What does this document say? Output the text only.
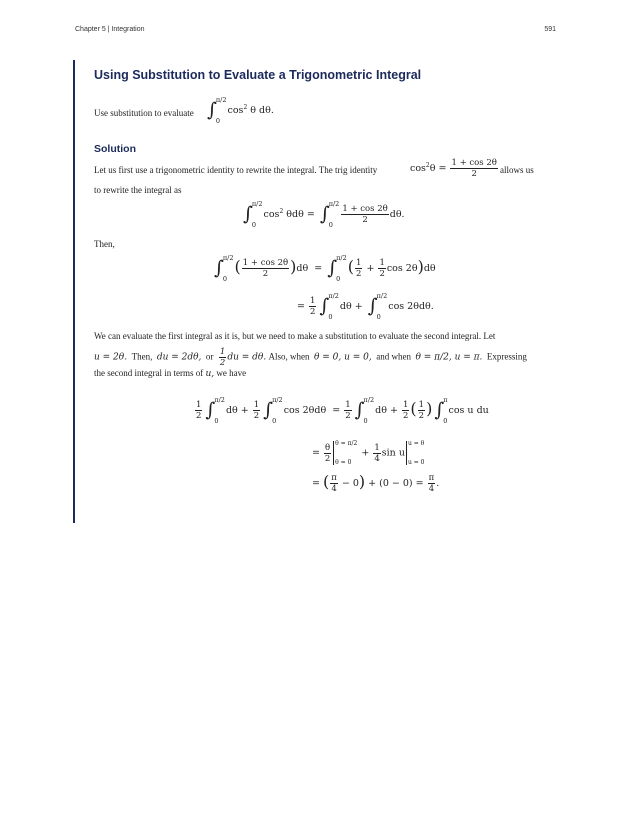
Chapter 5 | Integration	591
Using Substitution to Evaluate a Trigonometric Integral
Use substitution to evaluate ∫ π/2
0
$\cos^2 \theta$ dθ.
Solution
Let us first use a trigonometric identity to rewrite the integral. The trig identity	$\cos^2\theta = \frac{1 + \cos 2\theta}{2}$ allows us
to rewrite the integral as
∫ π/2
0
$\cos^2 \theta d\theta$ = ∫ π/2
$0 \frac{1 + \cos 2\theta}{2} d\theta$.
Then,
∫ π/2
0
( $\frac{1 + \cos 2\theta}{2} )d\theta$  = ∫ π/2
0
( $\frac{1}{2} + \frac{1}{2}$ cos 2θ)dθ
= $\frac{1}{2}$ ∫ π/2
0
dθ + ∫ π/2
0
cos 2θdθ.
We can evaluate the first integral as it is, but we need to make a substitution to evaluate the second integral. Let
u = 2θ. Then, du = 2dθ, or $\frac{1}{2}$ du = dθ. Also, when θ = 0, u = 0, and when θ = π/2, u = π. Expressing
the second integral in terms of u, we have
$\frac{1}{2}$ ∫ π/2
0
$d\theta + \frac{1}{2}$ ∫ π/2
0
$\cos 2\theta d\theta = \frac{1}{2}$ ∫ π/2
0
$d\theta + \frac{1}{2}$ ( $\frac{1}{2}$ ) ∫ π
0
cos u du
= $\frac{\theta}{2}$ θ = π/2
θ = 0
+ $\frac{1}{4}$ sin u
u = θ
u = 0
= ( $\frac{\pi}{4} - 0) + (0 - 0) = \frac{\pi}{4}$ .
